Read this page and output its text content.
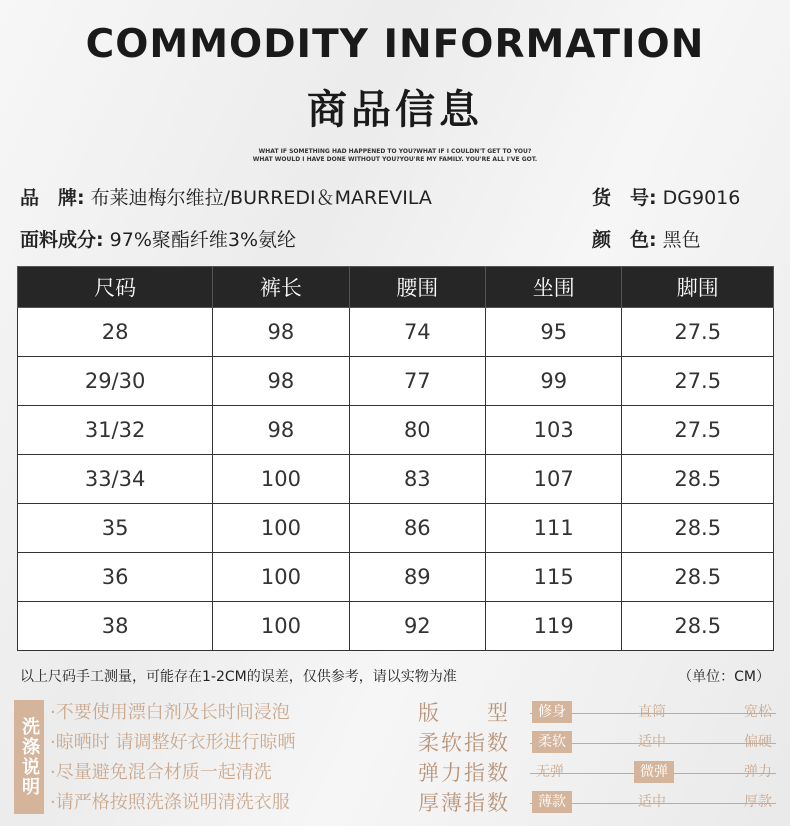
COMMODITY INFORMATION
商品信息
WHAT IF SOMETHING HAD HAPPENED TO YOU?WHAT IF I COULDN'T GET TO YOU?
WHAT WOULD I HAVE DONE WITHOUT YOU?YOU'RE MY FAMILY. YOU'RE ALL I'VE GOT.
品　牌: 布莱迪梅尔维拉/BURREDI＆MAREVILA	货　号: DG9016
面料成分: 97%聚酯纤维3%氨纶	颜　色: 黑色
尺码	裤长	腰围	坐围	脚围
28	98	74	95	27.5
29/30	98	77	99	27.5
31/32	98	80	103	27.5
33/34	100	83	107	28.5
35	100	86	111	28.5
36	100	89	115	28.5
38	100	92	119	28.5
以上尺码手工测量，可能存在1-2CM的误差，仅供参考，请以实物为准	（单位：CM）
洗涤说明
·不要使用漂白剂及长时间浸泡
·晾晒时 请调整好衣形进行晾晒
·尽量避免混合材质一起清洗
·请严格按照洗涤说明清洗衣服
版　型	修身	直筒	宽松
柔软指数	柔软	适中	偏硬
弹力指数	无弹	微弹	弹力
厚薄指数	薄款	适中	厚款
